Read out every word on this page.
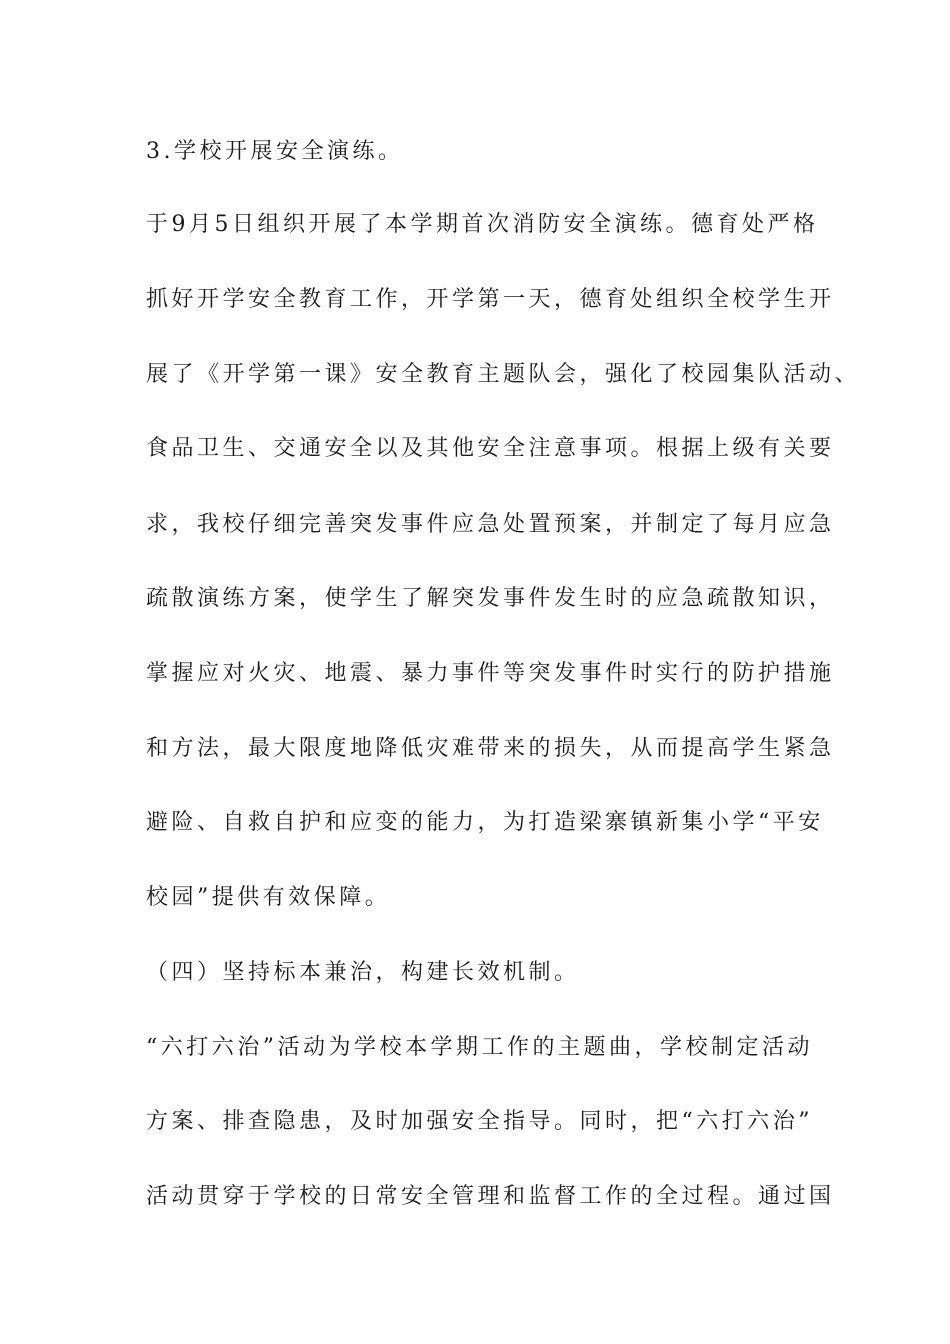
3.学校开展安全演练。
于9月5日组织开展了本学期首次消防安全演练。德育处严格
抓好开学安全教育工作，开学第一天，德育处组织全校学生开
展了《开学第一课》安全教育主题队会，强化了校园集队活动、
食品卫生、交通安全以及其他安全注意事项。根据上级有关要
求，我校仔细完善突发事件应急处置预案，并制定了每月应急
疏散演练方案，使学生了解突发事件发生时的应急疏散知识，
掌握应对火灾、地震、暴力事件等突发事件时实行的防护措施
和方法，最大限度地降低灾难带来的损失，从而提高学生紧急
避险、自救自护和应变的能力，为打造梁寨镇新集小学“平安
校园”提供有效保障。
（四）坚持标本兼治，构建长效机制。
“六打六治”活动为学校本学期工作的主题曲，学校制定活动
方案、排查隐患，及时加强安全指导。同时，把“六打六治”
活动贯穿于学校的日常安全管理和监督工作的全过程。通过国
